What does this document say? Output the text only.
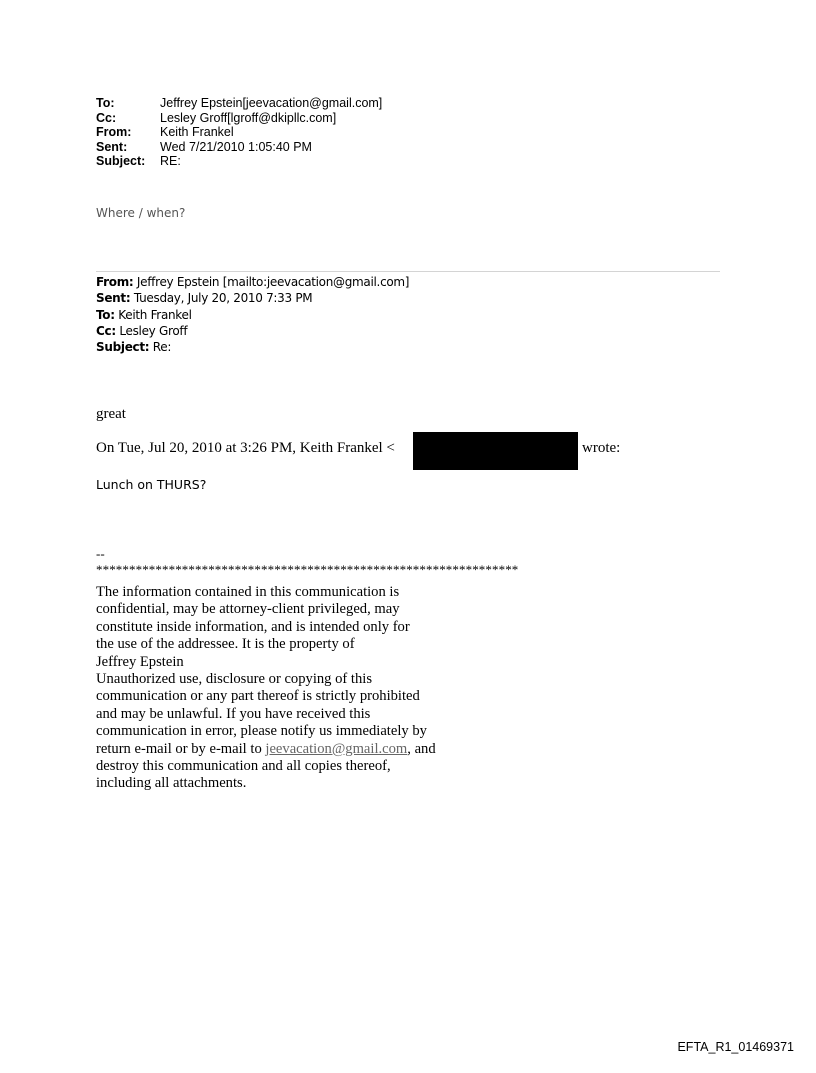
To:	Jeffrey Epstein[jeevacation@gmail.com]
Cc:	Lesley Groff[lgroff@dkipllc.com]
From:	Keith Frankel
Sent:	Wed 7/21/2010 1:05:40 PM
Subject:	RE:
Where / when?
From: Jeffrey Epstein [mailto:jeevacation@gmail.com]
Sent: Tuesday, July 20, 2010 7:33 PM
To: Keith Frankel
Cc: Lesley Groff
Subject: Re:
great
On Tue, Jul 20, 2010 at 3:26 PM, Keith Frankel <	wrote:
Lunch on THURS?
--
****************************************************************
The information contained in this communication is
confidential, may be attorney-client privileged, may
constitute inside information, and is intended only for
the use of the addressee. It is the property of
Jeffrey Epstein
Unauthorized use, disclosure or copying of this
communication or any part thereof is strictly prohibited
and may be unlawful. If you have received this
communication in error, please notify us immediately by
return e-mail or by e-mail to jeevacation@gmail.com, and
destroy this communication and all copies thereof,
including all attachments.
EFTA_R1_01469371
